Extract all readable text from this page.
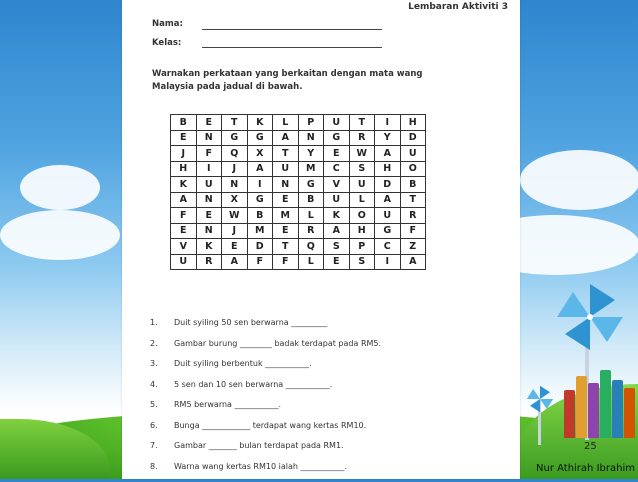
Lembaran Aktiviti 3
Nama:
Kelas:
Warnakan perkataan yang berkaitan dengan mata wang
Malaysia pada jadual di bawah.
B	E	T	K	L	P	U	T	I	H
E	N	G	G	A	N	G	R	Y	D
J	F	Q	X	T	Y	E	W	A	U
H	I	J	A	U	M	C	S	H	O
K	U	N	I	N	G	V	U	D	B
A	N	X	G	E	B	U	L	A	T
F	E	W	B	M	L	K	O	U	R
E	N	J	M	E	R	A	H	G	F
V	K	E	D	T	Q	S	P	C	Z
U	R	A	F	F	L	E	S	I	A
1.	Duit syiling 50 sen berwarna _________
2.	Gambar burung ________ badak terdapat pada RM5.
3.	Duit syiling berbentuk ___________.
4.	5 sen dan 10 sen berwarna ___________.
5.	RM5 berwarna ___________.
6.	Bunga ____________ terdapat wang kertas RM10.
7.	Gambar _______ bulan terdapat pada RM1.
8.	Warna wang kertas RM10 ialah ___________.
25
Nur Athirah Ibrahim
